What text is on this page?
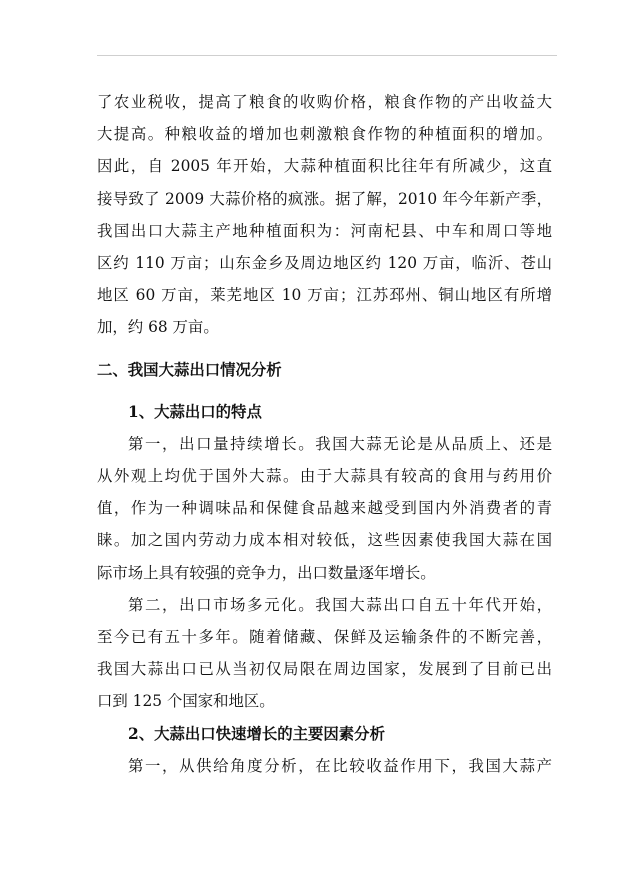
了农业税收，提高了粮食的收购价格，粮食作物的产出收益大
大提高。种粮收益的增加也刺激粮食作物的种植面积的增加。
因此，自 2005 年开始，大蒜种植面积比往年有所减少，这直
接导致了 2009 大蒜价格的疯涨。据了解，2010 年今年新产季，
我国出口大蒜主产地种植面积为：河南杞县、中车和周口等地
区约 110 万亩；山东金乡及周边地区约 120 万亩，临沂、苍山
地区 60 万亩，莱芜地区 10 万亩；江苏邳州、铜山地区有所增
加，约 68 万亩。
二、我国大蒜出口情况分析
1、大蒜出口的特点
第一，出口量持续增长。我国大蒜无论是从品质上、还是
从外观上均优于国外大蒜。由于大蒜具有较高的食用与药用价
值，作为一种调味品和保健食品越来越受到国内外消费者的青
睐。加之国内劳动力成本相对较低，这些因素使我国大蒜在国
际市场上具有较强的竞争力，出口数量逐年增长。
第二，出口市场多元化。我国大蒜出口自五十年代开始，
至今已有五十多年。随着储藏、保鲜及运输条件的不断完善，
我国大蒜出口已从当初仅局限在周边国家，发展到了目前已出
口到 125 个国家和地区。
2、大蒜出口快速增长的主要因素分析
第一，从供给角度分析，在比较收益作用下，我国大蒜产
